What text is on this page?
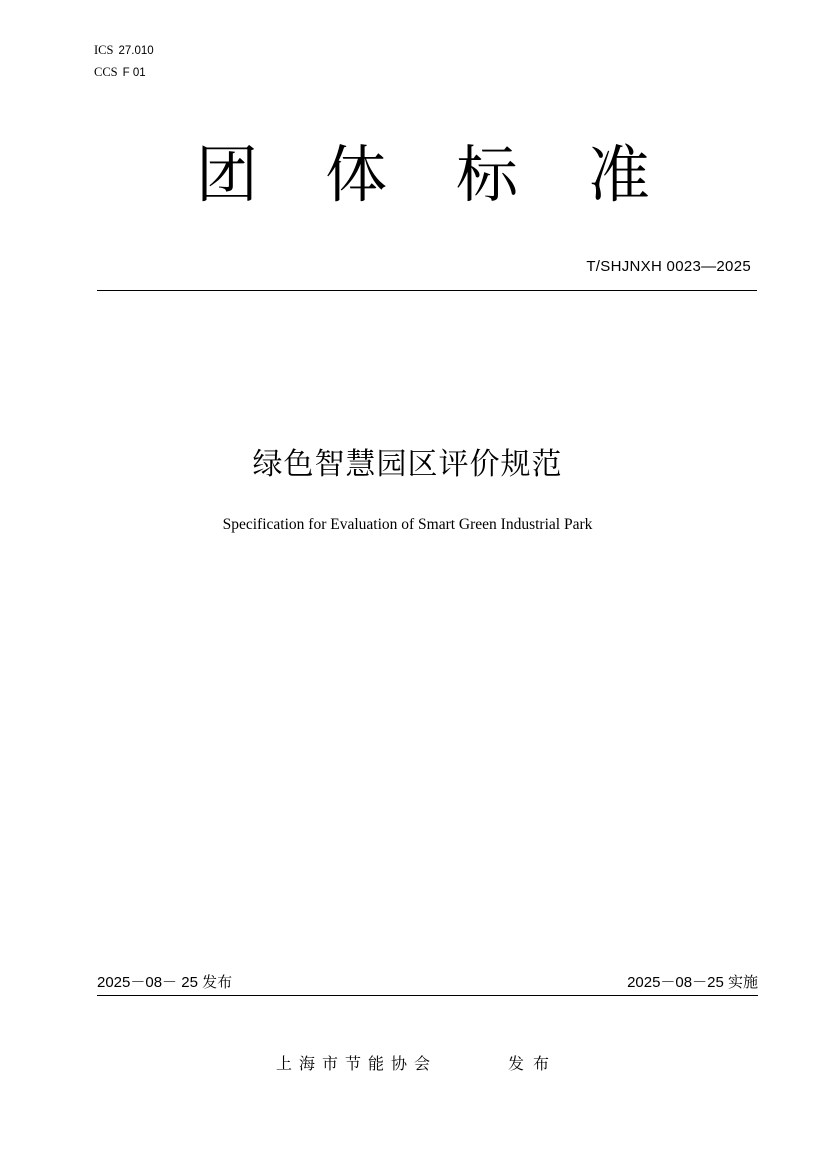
ICS 27.010
CCS F 01
团 体 标 准
T/SHJNXH 0023—2025
绿色智慧园区评价规范
Specification for Evaluation of Smart Green Industrial Park
2025－08－ 25 发布	2025－08－25 实施
上海市节能协会	发布
